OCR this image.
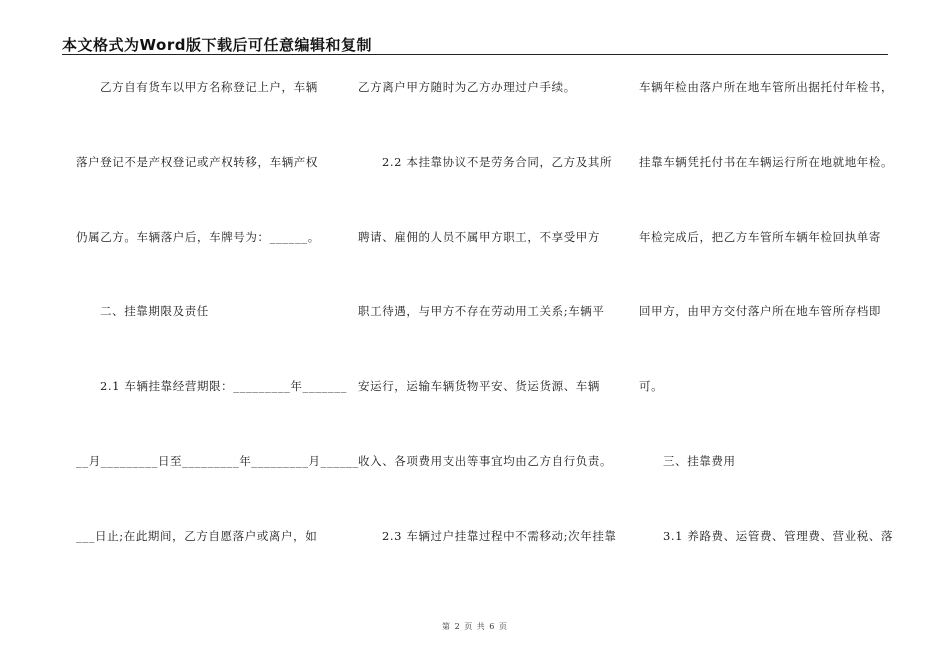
本文格式为Word版下载后可任意编辑和复制
乙方自有货车以甲方名称登记上户，车辆
落户登记不是产权登记或产权转移，车辆产权
仍属乙方。车辆落户后，车牌号为：______。
二、挂靠期限及责任
2.1 车辆挂靠经营期限：_________年_______
__月_________日至_________年_________月______
___日止;在此期间，乙方自愿落户或离户，如
乙方离户甲方随时为乙方办理过户手续。
2.2 本挂靠协议不是劳务合同，乙方及其所
聘请、雇佣的人员不属甲方职工，不享受甲方
职工待遇，与甲方不存在劳动用工关系;车辆平
安运行，运输车辆货物平安、货运货源、车辆
收入、各项费用支出等事宜均由乙方自行负责。
2.3 车辆过户挂靠过程中不需移动;次年挂靠
车辆年检由落户所在地车管所出据托付年检书，
挂靠车辆凭托付书在车辆运行所在地就地年检。
年检完成后，把乙方车管所车辆年检回执单寄
回甲方，由甲方交付落户所在地车管所存档即
可。
三、挂靠费用
3.1 养路费、运管费、管理费、营业税、落
第 2 页 共 6 页
